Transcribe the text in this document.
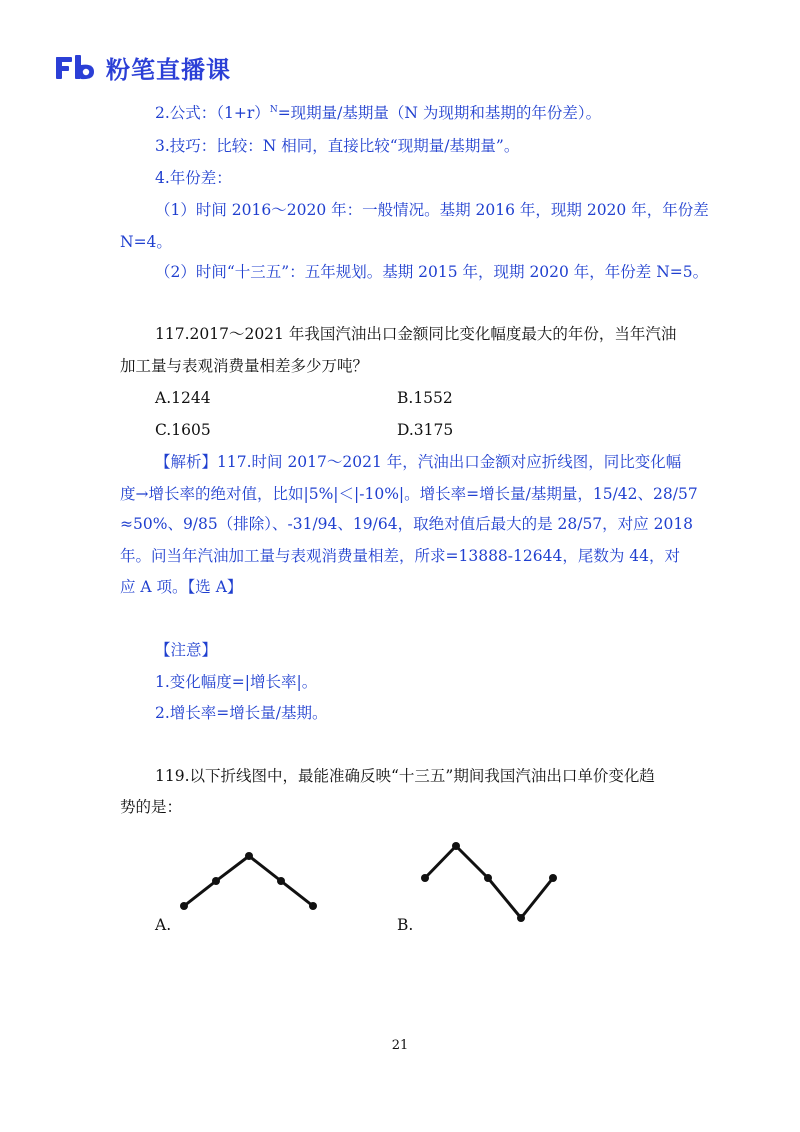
粉笔直播课
2.公式：$(1+r)^N=$现期量/基期量（N 为现期和基期的年份差）。
3.技巧：比较：N 相同，直接比较“现期量/基期量”。
4.年份差：
（1）时间 2016～2020 年：一般情况。基期 2016 年，现期 2020 年，年份差
N=4。
（2）时间“十三五”：五年规划。基期 2015 年，现期 2020 年，年份差 N=5。
117.2017～2021 年我国汽油出口金额同比变化幅度最大的年份，当年汽油
加工量与表观消费量相差多少万吨？
A.1244	B.1552
C.1605	D.3175
【解析】117.时间 2017～2021 年，汽油出口金额对应折线图，同比变化幅
度→增长率的绝对值，比如|5%|＜|-10%|。增长率=增长量/基期量，15/42、28/57
≈50%、9/85（排除）、-31/94、19/64，取绝对值后最大的是 28/57，对应 2018
年。问当年汽油加工量与表观消费量相差，所求=13888-12644，尾数为 44，对
应 A 项。【选 A】
【注意】
1.变化幅度=|增长率|。
2.增长率=增长量/基期。
119.以下折线图中，最能准确反映“十三五”期间我国汽油出口单价变化趋
势的是：
A.	B.
21
